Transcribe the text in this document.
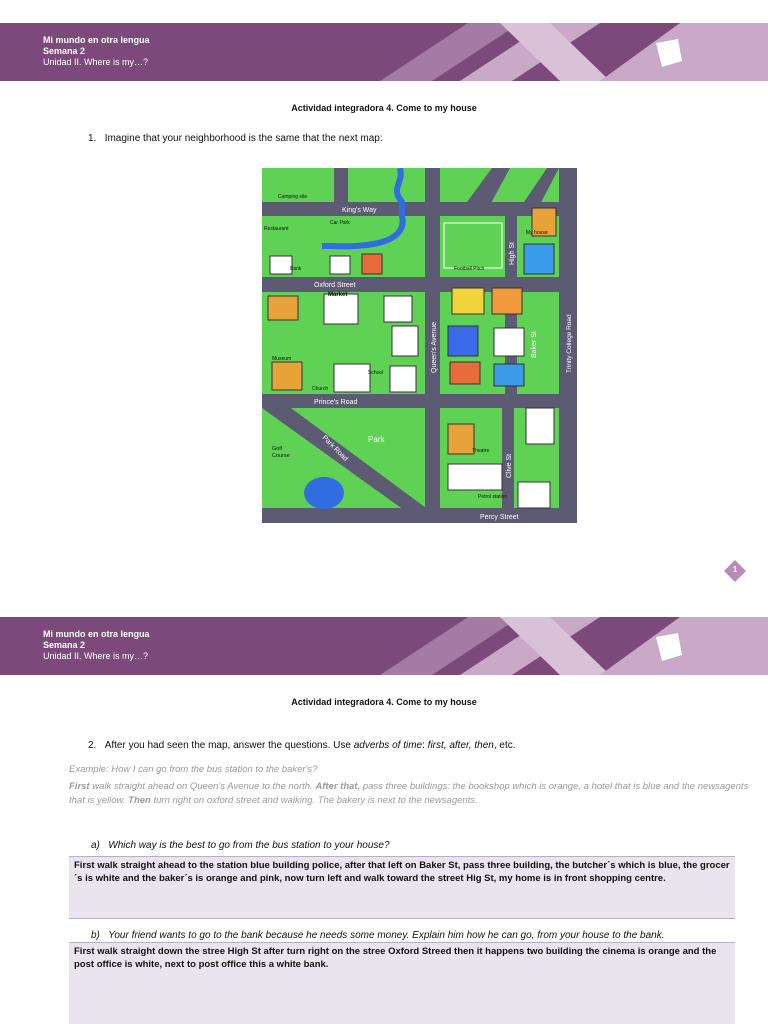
Mi mundo en otra lengua
Semana 2
Unidad II. Where is my…?
Actividad integradora 4. Come to my house
1. Imagine that your neighborhood is the same that the next map:
King's Way
Oxford Street
Prince's Road
Percy Street
Queen's Avenue
High St
Baker St	Trinity College Road
Clive St
Park Road
Camping site
Restaurant
Car Park
Bank	Football Pitch
My house
Market
Museum
Church
School
Park
Golf
Course
Theatre
Petrol station
1
Mi mundo en otra lengua
Semana 2
Unidad II. Where is my…?
Actividad integradora 4. Come to my house
2. After you had seen the map, answer the questions. Use adverbs of time: first, after, then, etc.
Example: How I can go from the bus station to the baker's?
First walk straight ahead on Queen's Avenue to the north. After that, pass three buildings: the bookshop which is orange, a hotel that is blue and the newsagents that is yellow. Then turn right on oxford street and walking. The bakery is next to the newsagents.
a) Which way is the best to go from the bus station to your house?
First walk straight ahead to the station blue building police, after that left on Baker St, pass three building, the butcher´s which is blue, the grocer´s is white and the baker´s is orange and pink, now turn left and walk toward the street Hig St, my home is in front shopping centre.
b) Your friend wants to go to the bank because he needs some money. Explain him how he can go, from your house to the bank.
First walk straight down the stree High St after turn right on the stree Oxford Streed then it happens two building the cinema is orange and the post office is white, next to post office this a white bank.
